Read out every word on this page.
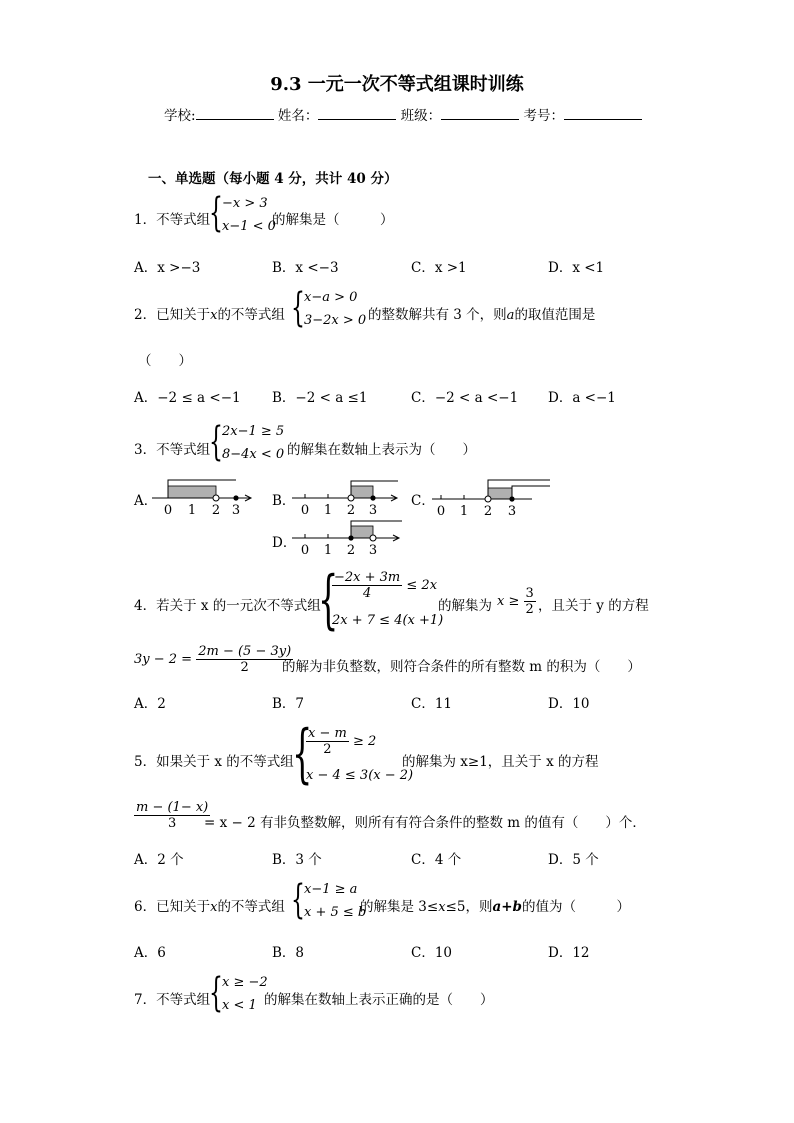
9.3 一元一次不等式组课时训练
学校:	姓名：	班级：	考号：
一、单选题（每小题 4 分，共计 40 分）
1．不等式组
{ −x > 3
x−1 < 0
的解集是（　　　）
A．x >−3	B．x <−3	C．x >1	D．x <1
2．已知关于x的不等式组 { x−a > 0
3−2x > 0 的整数解共有 3 个，则a的取值范围是
（　　）
A．−2 ≤ a <−1 B．−2 < a ≤1	C．−2 < a <−1 D．a <−1
3．不等式组
{ 2x−1 ≥ 5
8−4x < 0 的解集在数轴上表示为（　　）
A．
0 1 2 3
B．
0 1 2 3
C．
0 1 2 3
D． 0 1 2 3
4．若关于 x 的一元次不等式组
{
$\frac{-2x + 3m}{4} \le 2x$
2x + 7 ≤ 4(x +1)
的解集为 $x \ge \frac{3}{2}$ ，且关于 y 的方程
$3y - 2 = \frac{2m - (5 - 3y)}{2}$
的解为非负整数，则符合条件的所有整数 m 的积为（　　）
A．2	B．7	C．11	D．10
5．如果关于 x 的不等式组
{
$\frac{x - m}{2} \ge 2$
x − 4 ≤ 3(x − 2)
的解集为 x≥1，且关于 x 的方程
$\frac{m - (1- x)}{3}$
= x − 2 有非负整数解，则所有有符合条件的整数 m 的值有（　　）个．
A．2 个	B．3 个	C．4 个	D．5 个
6．已知关于x的不等式组 { x−1 ≥ a
x + 5 ≤ b
的解集是 3≤x≤5，则a+b的值为（　　　）
A．6	B．8	C．10	D．12
7．不等式组
{ x ≥ −2
x < 1 的解集在数轴上表示正确的是（　　）
